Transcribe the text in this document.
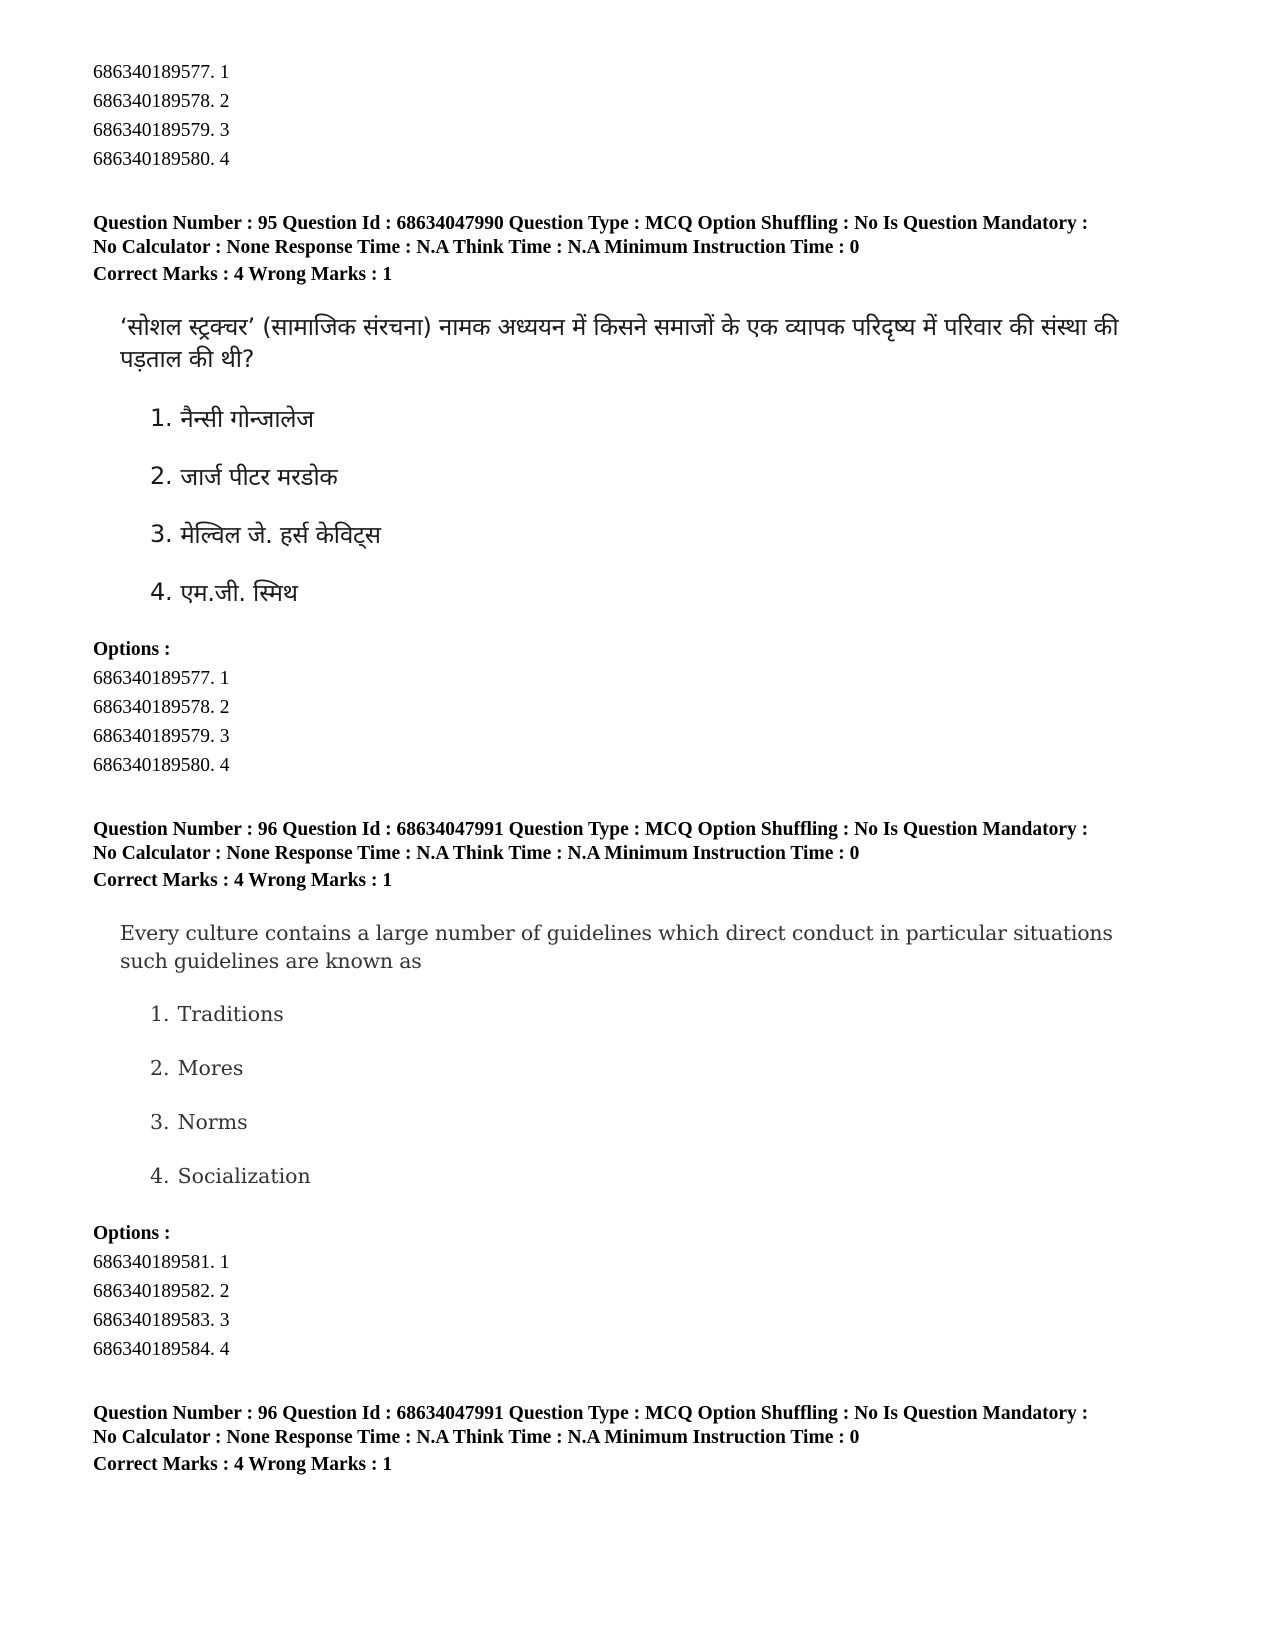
686340189577. 1
686340189578. 2
686340189579. 3
686340189580. 4
Question Number : 95 Question Id : 68634047990 Question Type : MCQ Option Shuffling : No Is Question Mandatory :
No Calculator : None Response Time : N.A Think Time : N.A Minimum Instruction Time : 0
Correct Marks : 4 Wrong Marks : 1
‘सोशल स्ट्रक्चर’ (सामाजिक संरचना) नामक अध्ययन में किसने समाजों के एक व्यापक परिदृष्य में परिवार की संस्था की पड़ताल की थी?
1. नैन्सी गोन्जालेज
2. जार्ज पीटर मरडोक
3. मेल्विल जे. हर्स केविट्स
4. एम.जी. स्मिथ
Options :
686340189577. 1
686340189578. 2
686340189579. 3
686340189580. 4
Question Number : 96 Question Id : 68634047991 Question Type : MCQ Option Shuffling : No Is Question Mandatory :
No Calculator : None Response Time : N.A Think Time : N.A Minimum Instruction Time : 0
Correct Marks : 4 Wrong Marks : 1
Every culture contains a large number of guidelines which direct conduct in particular situations such guidelines are known as
1. Traditions
2. Mores
3. Norms
4. Socialization
Options :
686340189581. 1
686340189582. 2
686340189583. 3
686340189584. 4
Question Number : 96 Question Id : 68634047991 Question Type : MCQ Option Shuffling : No Is Question Mandatory :
No Calculator : None Response Time : N.A Think Time : N.A Minimum Instruction Time : 0
Correct Marks : 4 Wrong Marks : 1
